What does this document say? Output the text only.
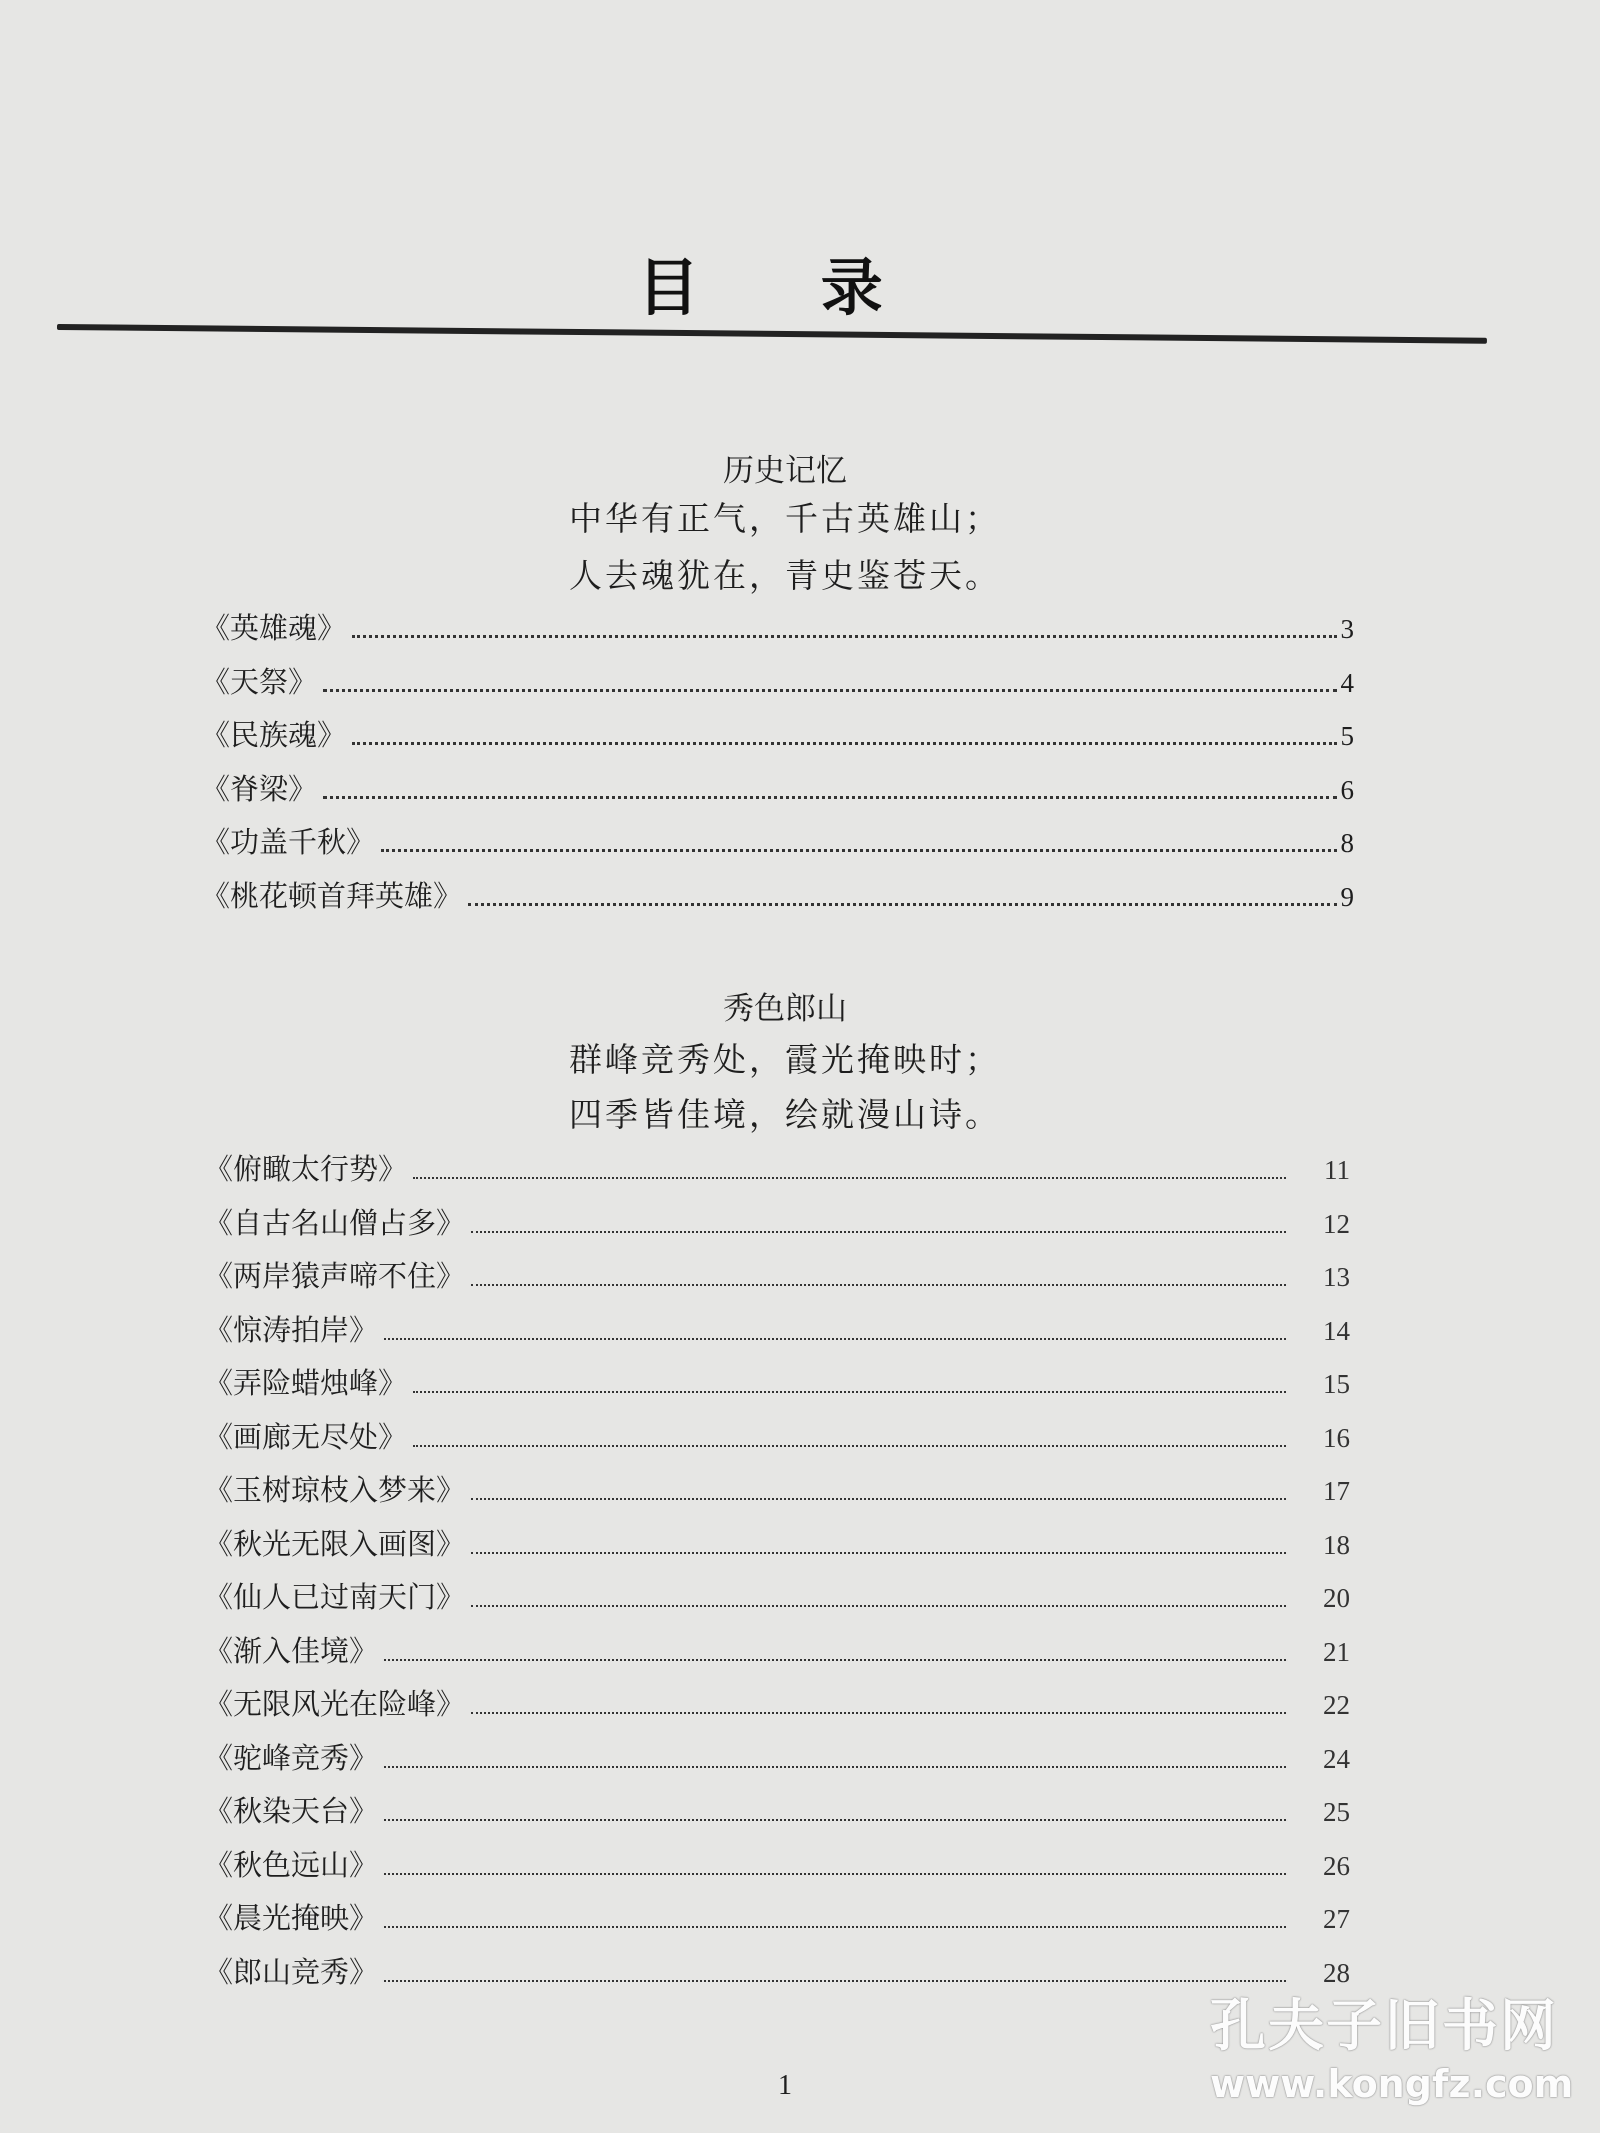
目 录
历史记忆
中华有正气，千古英雄山；
人去魂犹在，青史鉴苍天。
《英雄魂》	3
《天祭》	4
《民族魂》	5
《脊梁》	6
《功盖千秋》	8
《桃花顿首拜英雄》	9
秀色郎山
群峰竞秀处，霞光掩映时；
四季皆佳境，绘就漫山诗。
《俯瞰太行势》	11
《自古名山僧占多》	12
《两岸猿声啼不住》	13
《惊涛拍岸》	14
《弄险蜡烛峰》	15
《画廊无尽处》	16
《玉树琼枝入梦来》	17
《秋光无限入画图》	18
《仙人已过南天门》	20
《渐入佳境》	21
《无限风光在险峰》	22
《驼峰竞秀》	24
《秋染天台》	25
《秋色远山》	26
《晨光掩映》	27
《郎山竞秀》	28
1
孔夫子旧书网
www.kongfz.com
